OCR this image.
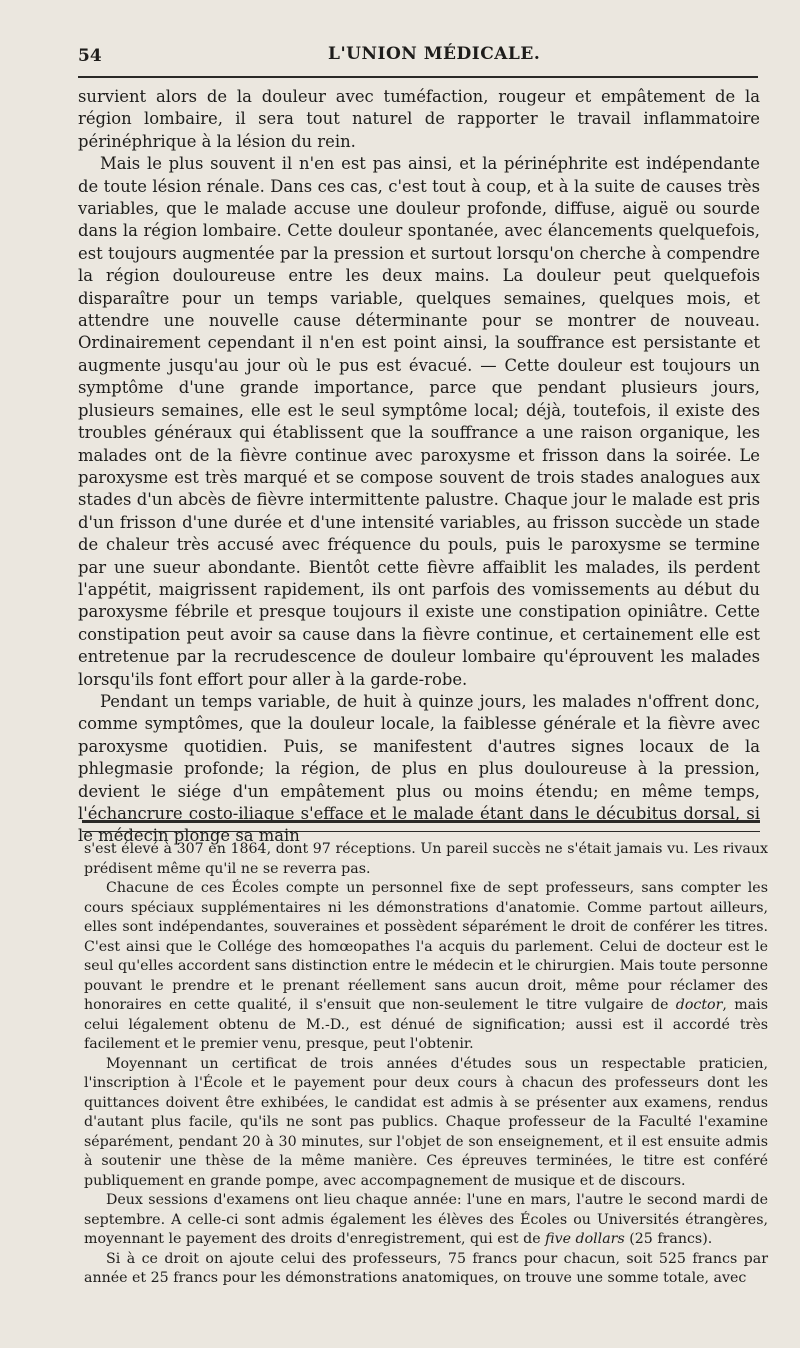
54	L'UNION MÉDICALE.

survient alors de la douleur avec tuméfaction, rougeur et empâtement de la région lombaire, il sera tout naturel de rapporter le travail inflammatoire périnéphrique à la lésion du rein.

Mais le plus souvent il n'en est pas ainsi, et la périnéphrite est indépendante de toute lésion rénale. Dans ces cas, c'est tout à coup, et à la suite de causes très variables, que le malade accuse une douleur profonde, diffuse, aiguë ou sourde dans la région lombaire. Cette douleur spontanée, avec élancements quelquefois, est toujours augmentée par la pression et surtout lorsqu'on cherche à compendre la région douloureuse entre les deux mains. La douleur peut quelquefois disparaître pour un temps variable, quelques semaines, quelques mois, et attendre une nouvelle cause déterminante pour se montrer de nouveau. Ordinairement cependant il n'en est point ainsi, la souffrance est persistante et augmente jusqu'au jour où le pus est évacué. — Cette douleur est toujours un symptôme d'une grande importance, parce que pendant plusieurs jours, plusieurs semaines, elle est le seul symptôme local; déjà, toutefois, il existe des troubles généraux qui établissent que la souffrance a une raison organique, les malades ont de la fièvre continue avec paroxysme et frisson dans la soirée. Le paroxysme est très marqué et se compose souvent de trois stades analogues aux stades d'un abcès de fièvre intermittente palustre. Chaque jour le malade est pris d'un frisson d'une durée et d'une intensité variables, au frisson succède un stade de chaleur très accusé avec fréquence du pouls, puis le paroxysme se termine par une sueur abondante. Bientôt cette fièvre affaiblit les malades, ils perdent l'appétit, maigrissent rapidement, ils ont parfois des vomissements au début du paroxysme fébrile et presque toujours il existe une constipation opiniâtre. Cette constipation peut avoir sa cause dans la fièvre continue, et certainement elle est entretenue par la recrudescence de douleur lombaire qu'éprouvent les malades lorsqu'ils font effort pour aller à la garde-robe.

Pendant un temps variable, de huit à quinze jours, les malades n'offrent donc, comme symptômes, que la douleur locale, la faiblesse générale et la fièvre avec paroxysme quotidien. Puis, se manifestent d'autres signes locaux de la phlegmasie profonde; la région, de plus en plus douloureuse à la pression, devient le siége d'un empâtement plus ou moins étendu; en même temps, l'échancrure costo-iliaque s'efface et le malade étant dans le décubitus dorsal, si le médecin plonge sa main

s'est élevé à 307 en 1864, dont 97 réceptions. Un pareil succès ne s'était jamais vu. Les rivaux prédisent même qu'il ne se reverra pas.

Chacune de ces Écoles compte un personnel fixe de sept professeurs, sans compter les cours spéciaux supplémentaires ni les démonstrations d'anatomie. Comme partout ailleurs, elles sont indépendantes, souveraines et possèdent séparément le droit de conférer les titres. C'est ainsi que le Collége des homœopathes l'a acquis du parlement. Celui de docteur est le seul qu'elles accordent sans distinction entre le médecin et le chirurgien. Mais toute personne pouvant le prendre et le prenant réellement sans aucun droit, même pour réclamer des honoraires en cette qualité, il s'ensuit que non-seulement le titre vulgaire de doctor, mais celui légalement obtenu de M.-D., est dénué de signification; aussi est il accordé très facilement et le premier venu, presque, peut l'obtenir.

Moyennant un certificat de trois années d'études sous un respectable praticien, l'inscription à l'École et le payement pour deux cours à chacun des professeurs dont les quittances doivent être exhibées, le candidat est admis à se présenter aux examens, rendus d'autant plus facile, qu'ils ne sont pas publics. Chaque professeur de la Faculté l'examine séparément, pendant 20 à 30 minutes, sur l'objet de son enseignement, et il est ensuite admis à soutenir une thèse de la même manière. Ces épreuves terminées, le titre est conféré publiquement en grande pompe, avec accompagnement de musique et de discours.

Deux sessions d'examens ont lieu chaque année: l'une en mars, l'autre le second mardi de septembre. A celle-ci sont admis également les élèves des Écoles ou Universités étrangères, moyennant le payement des droits d'enregistrement, qui est de five dollars (25 francs).

Si à ce droit on ajoute celui des professeurs, 75 francs pour chacun, soit 525 francs par année et 25 francs pour les démonstrations anatomiques, on trouve une somme totale, avec
